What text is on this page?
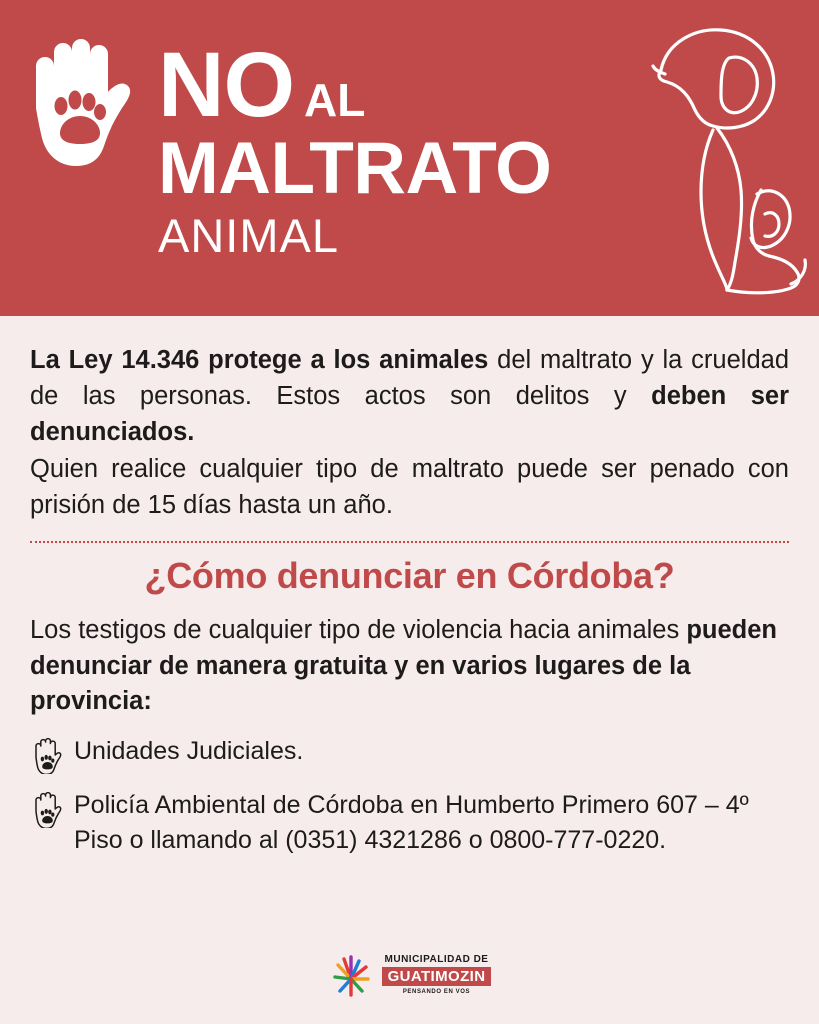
NO AL
MALTRATO
ANIMAL

La Ley 14.346 protege a los animales del maltrato y la crueldad de las personas. Estos actos son delitos y deben ser denunciados.

Quien realice cualquier tipo de maltrato puede ser penado con prisión de 15 días hasta un año.

¿Cómo denunciar en Córdoba?

Los testigos de cualquier tipo de violencia hacia animales pueden denunciar de manera gratuita y en varios lugares de la provincia:

Unidades Judiciales.
Policía Ambiental de Córdoba en Humberto Primero 607 – 4º Piso o llamando al (0351) 4321286 o 0800-777-0220.
MUNICIPALIDAD DE
GUATIMOZIN
PENSANDO EN VOS
